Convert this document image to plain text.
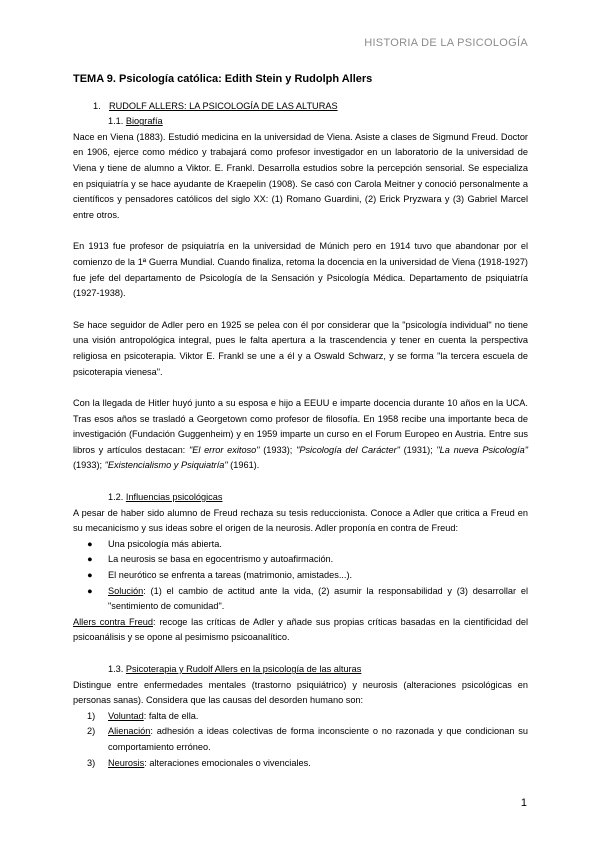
HISTORIA DE LA PSICOLOGÍA
TEMA 9. Psicología católica: Edith Stein y Rudolph Allers
1. RUDOLF ALLERS: LA PSICOLOGÍA DE LAS ALTURAS
1.1. Biografía

Nace en Viena (1883). Estudió medicina en la universidad de Viena. Asiste a clases de Sigmund Freud. Doctor en 1906, ejerce como médico y trabajará como profesor investigador en un laboratorio de la universidad de Viena y tiene de alumno a Viktor. E. Frankl. Desarrolla estudios sobre la percepción sensorial. Se especializa en psiquiatría y se hace ayudante de Kraepelin (1908). Se casó con Carola Meitner y conoció personalmente a científicos y pensadores católicos del siglo XX: (1) Romano Guardini, (2) Erick Pryzwara y (3) Gabriel Marcel entre otros.

En 1913 fue profesor de psiquiatría en la universidad de Múnich pero en 1914 tuvo que abandonar por el comienzo de la 1ª Guerra Mundial. Cuando finaliza, retoma la docencia en la universidad de Viena (1918-1927) fue jefe del departamento de Psicología de la Sensación y Psicología Médica. Departamento de psiquiatría (1927-1938).

Se hace seguidor de Adler pero en 1925 se pelea con él por considerar que la "psicología individual" no tiene una visión antropológica integral, pues le falta apertura a la trascendencia y tener en cuenta la perspectiva religiosa en psicoterapia. Viktor E. Frankl se une a él y a Oswald Schwarz, y se forma "la tercera escuela de psicoterapia vienesa".

Con la llegada de Hitler huyó junto a su esposa e hijo a EEUU e imparte docencia durante 10 años en la UCA. Tras esos años se trasladó a Georgetown como profesor de filosofía. En 1958 recibe una importante beca de investigación (Fundación Guggenheim) y en 1959 imparte un curso en el Forum Europeo en Austria. Entre sus libros y artículos destacan: "El error exitoso" (1933); "Psicología del Carácter" (1931); "La nueva Psicología" (1933); "Existencialismo y Psiquiatría" (1961).

1.2. Influencias psicológicas

A pesar de haber sido alumno de Freud rechaza su tesis reduccionista. Conoce a Adler que critica a Freud en su mecanicismo y sus ideas sobre el origen de la neurosis. Adler proponía en contra de Freud:

● Una psicología más abierta.
● La neurosis se basa en egocentrismo y autoafirmación.
● El neurótico se enfrenta a tareas (matrimonio, amistades...).
● Solución: (1) el cambio de actitud ante la vida, (2) asumir la responsabilidad y (3) desarrollar el "sentimiento de comunidad".

Allers contra Freud: recoge las críticas de Adler y añade sus propias críticas basadas en la cientificidad del psicoanálisis y se opone al pesimismo psicoanalítico.

1.3. Psicoterapia y Rudolf Allers en la psicología de las alturas

Distingue entre enfermedades mentales (trastorno psiquiátrico) y neurosis (alteraciones psicológicas en personas sanas). Considera que las causas del desorden humano son:

1) Voluntad: falta de ella.
2) Alienación: adhesión a ideas colectivas de forma inconsciente o no razonada y que condicionan su comportamiento erróneo.
3) Neurosis: alteraciones emocionales o vivenciales.
1
